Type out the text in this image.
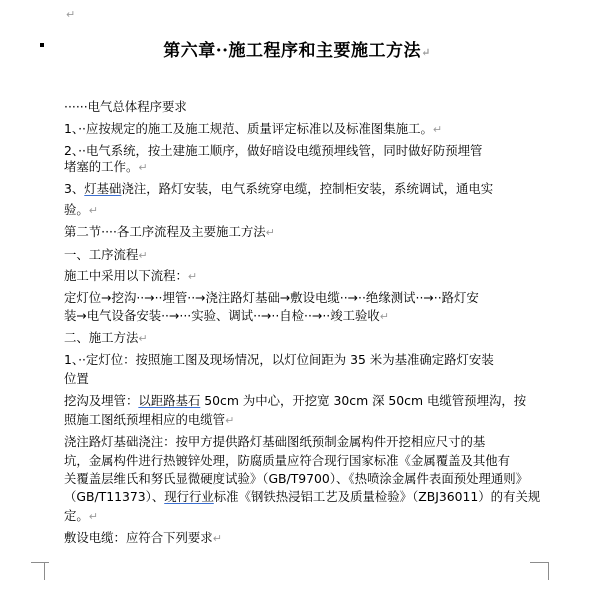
↵
第六章··施工程序和主要施工方法↵
······电气总体程序要求
1、··应按规定的施工及施工规范、质量评定标准以及标准图集施工。↵
2、··电气系统，按土建施工顺序，做好暗设电缆预埋线管，同时做好防预埋管
堵塞的工作。↵
3、灯基础浇注，路灯安装，电气系统穿电缆，控制柜安装，系统调试，通电实
验。↵
第二节····各工序流程及主要施工方法↵
一、工序流程↵
施工中采用以下流程：↵
定灯位→挖沟··→··埋管··→浇注路灯基础→敷设电缆··→··绝缘测试··→··路灯安
装→电气设备安装··→···实验、调试··→··自检··→··竣工验收↵
二、施工方法↵
1、··定灯位：按照施工图及现场情况，以灯位间距为 35 米为基准确定路灯安装
位置
挖沟及埋管：以距路基石 50cm 为中心，开挖宽 30cm 深 50cm 电缆管预埋沟，按
照施工图纸预埋相应的电缆管↵
浇注路灯基础浇注：按甲方提供路灯基础图纸预制金属构件开挖相应尺寸的基
坑，金属构件进行热镀锌处理，防腐质量应符合现行国家标准《金属覆盖及其他有
关覆盖层维氏和努氏显微硬度试验》（GB/T9700）、《热喷涂金属件表面预处理通则》
（GB/T11373）、现行行业标准《钢铁热浸铝工艺及质量检验》（ZBJ36011）的有关规
定。↵
敷设电缆：应符合下列要求↵
